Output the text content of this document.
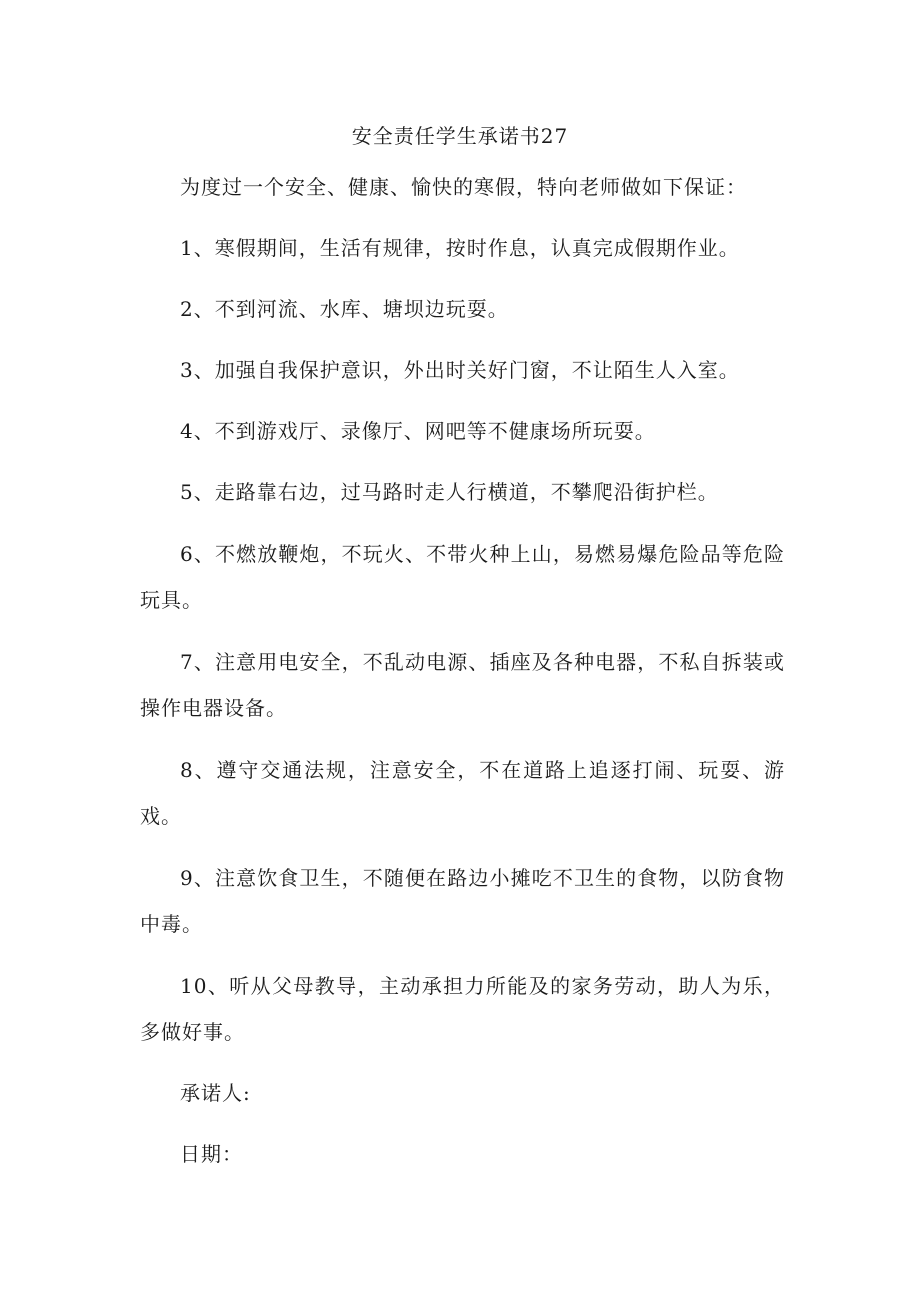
安全责任学生承诺书27

为度过一个安全、健康、愉快的寒假，特向老师做如下保证：

1、寒假期间，生活有规律，按时作息，认真完成假期作业。

2、不到河流、水库、塘坝边玩耍。

3、加强自我保护意识，外出时关好门窗，不让陌生人入室。

4、不到游戏厅、录像厅、网吧等不健康场所玩耍。

5、走路靠右边，过马路时走人行横道，不攀爬沿街护栏。

6、不燃放鞭炮，不玩火、不带火种上山，易燃易爆危险品等危险玩具。

7、注意用电安全，不乱动电源、插座及各种电器，不私自拆装或操作电器设备。

8、遵守交通法规，注意安全，不在道路上追逐打闹、玩耍、游戏。

9、注意饮食卫生，不随便在路边小摊吃不卫生的食物，以防食物中毒。

10、听从父母教导，主动承担力所能及的家务劳动，助人为乐，多做好事。

承诺人:

日期：
